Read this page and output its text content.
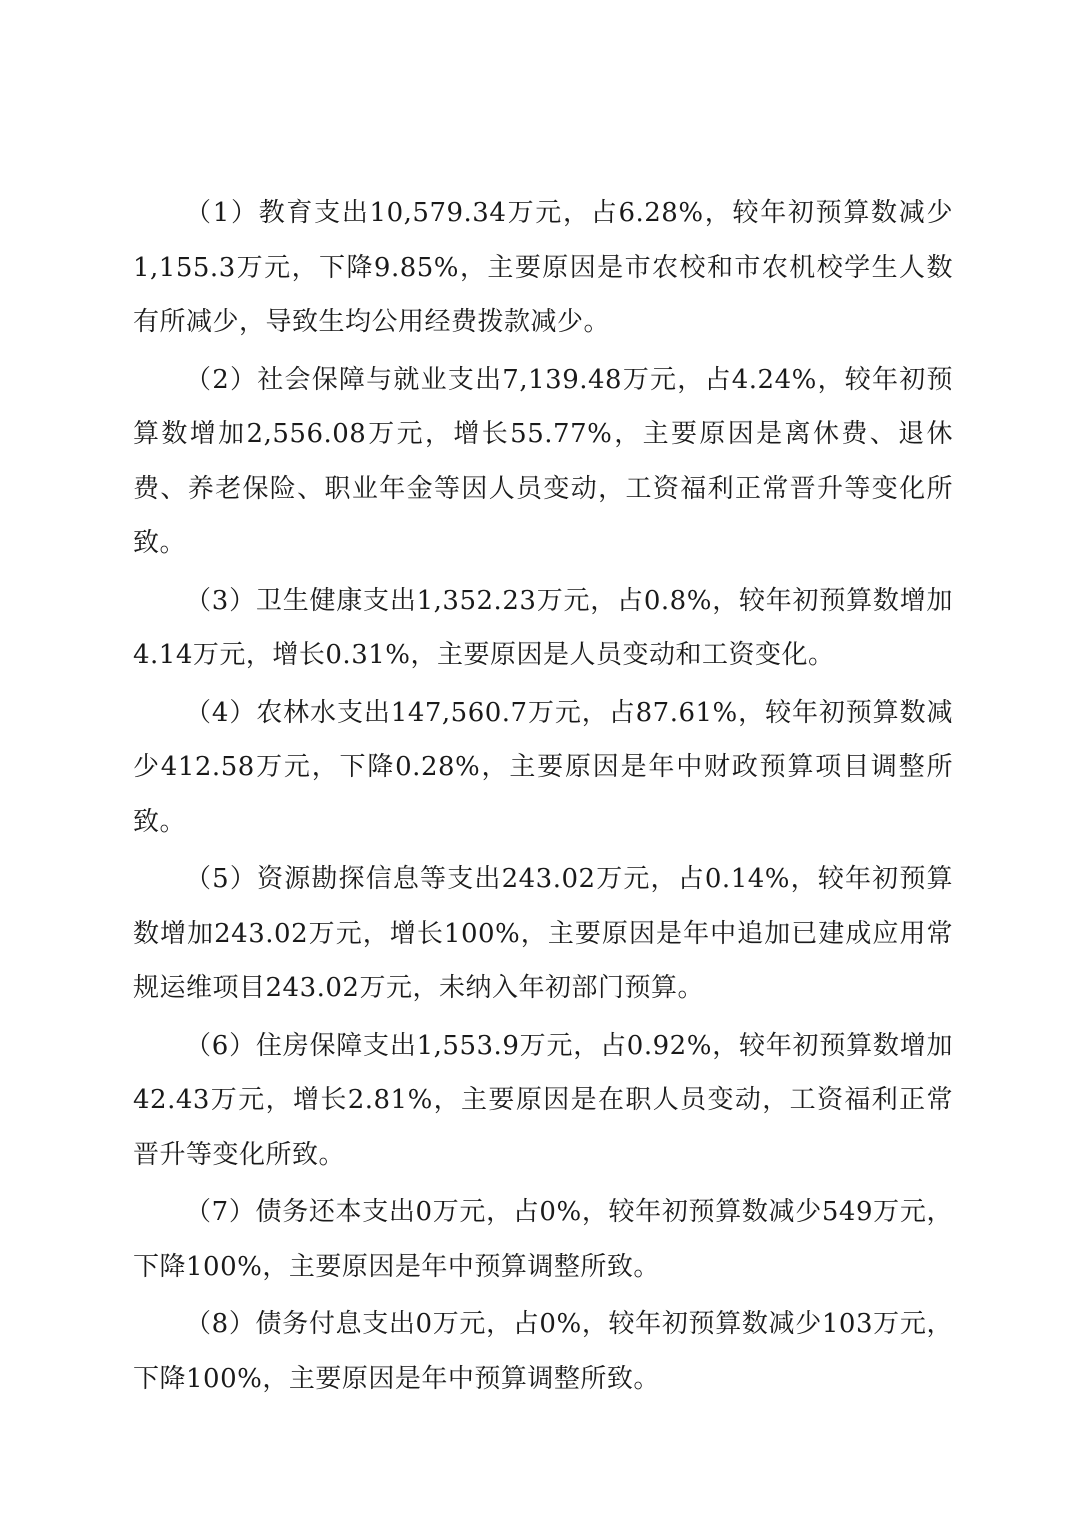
（1）教育支出10,579.34万元，占6.28%，较年初预算数减少1,155.3万元，下降9.85%，主要原因是市农校和市农机校学生人数有所减少，导致生均公用经费拨款减少。

（2）社会保障与就业支出7,139.48万元，占4.24%，较年初预算数增加2,556.08万元，增长55.77%，主要原因是离休费、退休费、养老保险、职业年金等因人员变动，工资福利正常晋升等变化所致。

（3）卫生健康支出1,352.23万元，占0.8%，较年初预算数增加4.14万元，增长0.31%，主要原因是人员变动和工资变化。

（4）农林水支出147,560.7万元，占87.61%，较年初预算数减少412.58万元，下降0.28%，主要原因是年中财政预算项目调整所致。

（5）资源勘探信息等支出243.02万元，占0.14%，较年初预算数增加243.02万元，增长100%，主要原因是年中追加已建成应用常规运维项目243.02万元，未纳入年初部门预算。

（6）住房保障支出1,553.9万元，占0.92%，较年初预算数增加42.43万元，增长2.81%，主要原因是在职人员变动，工资福利正常晋升等变化所致。

（7）债务还本支出0万元，占0%，较年初预算数减少549万元，下降100%，主要原因是年中预算调整所致。

（8）债务付息支出0万元，占0%，较年初预算数减少103万元，下降100%，主要原因是年中预算调整所致。
